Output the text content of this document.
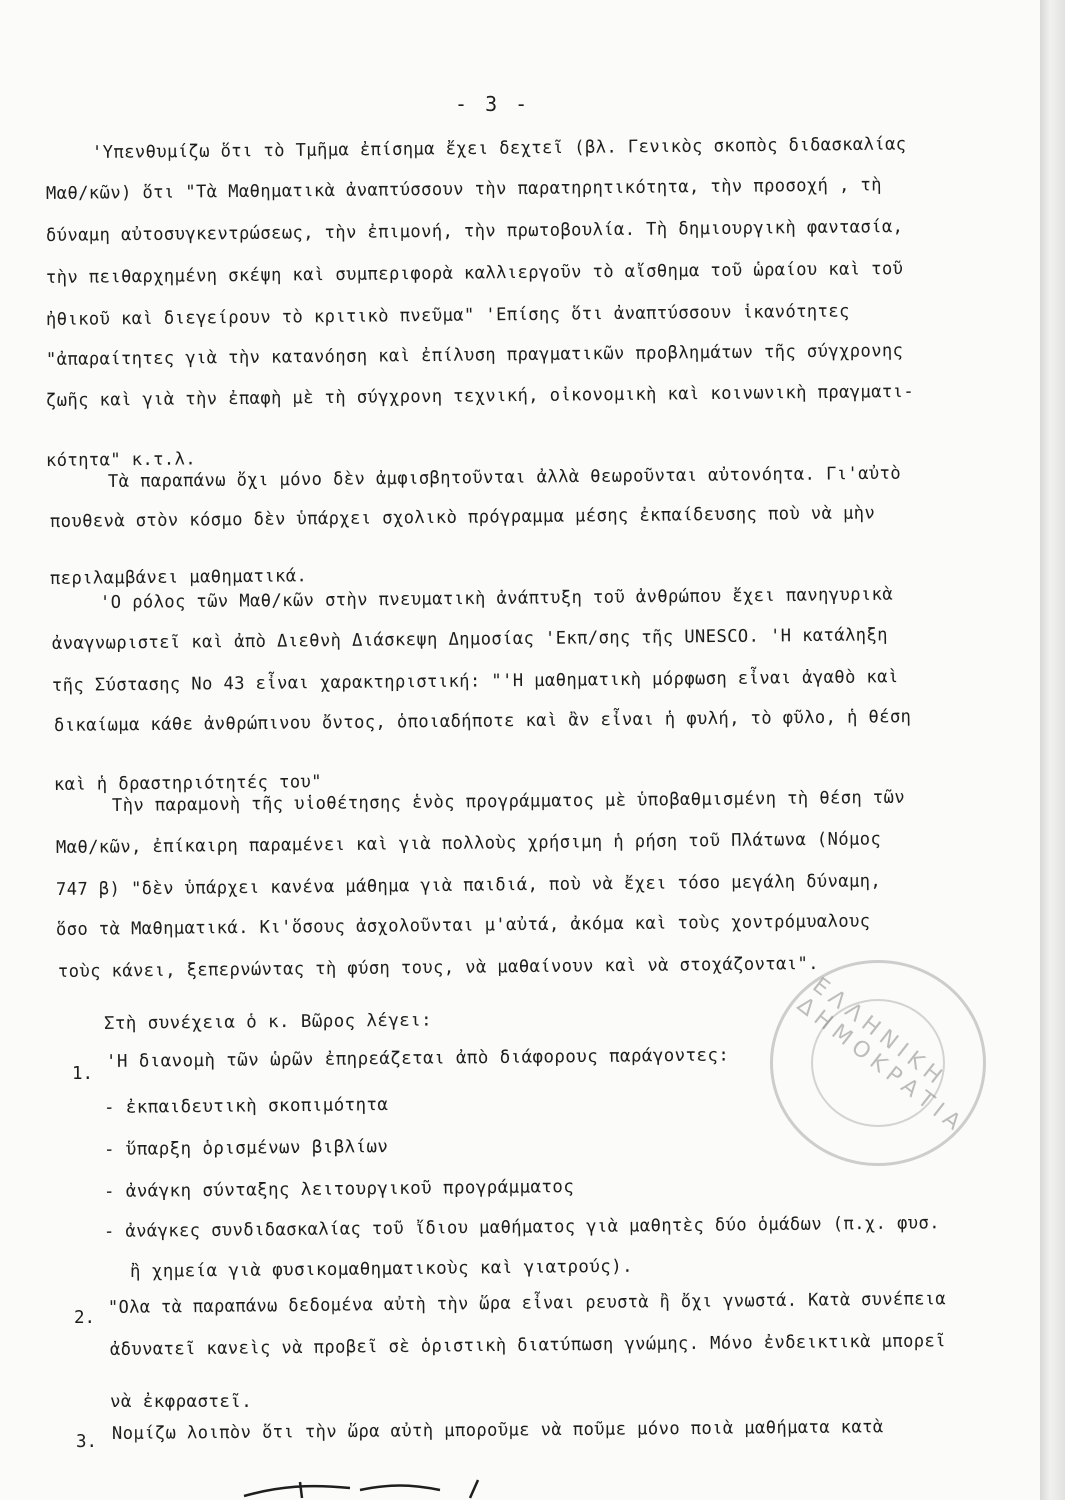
- 3 -
'Υπενθυμίζω ὅτι τὸ Τμῆμα ἐπίσημα ἔχει δεχτεῖ (βλ. Γενικὸς σκοπὸς διδασκαλίας
Μαθ/κῶν) ὅτι "Τὰ Μαθηματικὰ ἀναπτύσσουν τὴν παρατηρητικότητα, τὴν προσοχή , τὴ
δύναμη αὐτοσυγκεντρώσεως, τὴν ἐπιμονή, τὴν πρωτοβουλία. Τὴ δημιουργικὴ φαντασία,
τὴν πειθαρχημένη σκέψη καὶ συμπεριφορὰ καλλιεργοῦν τὸ αἴσθημα τοῦ ὡραίου καὶ τοῦ
ἠθικοῦ καὶ διεγείρουν τὸ κριτικὸ πνεῦμα" 'Επίσης ὅτι ἀναπτύσσουν ἱκανότητες
"ἀπαραίτητες γιὰ τὴν κατανόηση καὶ ἐπίλυση πραγματικῶν προβλημάτων τῆς σύγχρονης
ζωῆς καὶ γιὰ τὴν ἐπαφὴ μὲ τὴ σύγχρονη τεχνική, οἰκονομικὴ καὶ κοινωνικὴ πραγματι-
κότητα" κ.τ.λ.
Τὰ παραπάνω ὄχι μόνο δὲν ἀμφισβητοῦνται ἀλλὰ θεωροῦνται αὐτονόητα. Γι'αὐτὸ
πουθενὰ στὸν κόσμο δὲν ὑπάρχει σχολικὸ πρόγραμμα μέσης ἐκπαίδευσης ποὺ νὰ μὴν
περιλαμβάνει μαθηματικά.
'Ο ρόλος τῶν Μαθ/κῶν στὴν πνευματικὴ ἀνάπτυξη τοῦ ἀνθρώπου ἔχει πανηγυρικὰ
ἀναγνωριστεῖ καὶ ἀπὸ Διεθνὴ Διάσκεψη Δημοσίας 'Εκπ/σης τῆς UNESCO. 'Η κατάληξη
τῆς Σύστασης Νο 43 εἶναι χαρακτηριστική: "'Η μαθηματικὴ μόρφωση εἶναι ἀγαθὸ καὶ
δικαίωμα κάθε ἀνθρώπινου ὄντος, ὁποιαδήποτε καὶ ἂν εἶναι ἡ φυλή, τὸ φῦλο, ἡ θέση
καὶ ἡ δραστηριότητές του"
Τὴν παραμονὴ τῆς υἱοθέτησης ἑνὸς προγράμματος μὲ ὑποβαθμισμένη τὴ θέση τῶν
Μαθ/κῶν, ἐπίκαιρη παραμένει καὶ γιὰ πολλοὺς χρήσιμη ἡ ρήση τοῦ Πλάτωνα (Νόμος
747 β) "δὲν ὑπάρχει κανένα μάθημα γιὰ παιδιά, ποὺ νὰ ἔχει τόσο μεγάλη δύναμη,
ὅσο τὰ Μαθηματικά. Κι'ὅσους ἀσχολοῦνται μ'αὐτά, ἀκόμα καὶ τοὺς χοντρόμυαλους
τοὺς κάνει, ξεπερνώντας τὴ φύση τους, νὰ μαθαίνουν καὶ νὰ στοχάζονται".
Στὴ συνέχεια ὁ κ. Βῶρος λέγει:
1.
'Η διανομὴ τῶν ὡρῶν ἐπηρεάζεται ἀπὸ διάφορους παράγοντες:
- ἐκπαιδευτικὴ σκοπιμότητα
- ὕπαρξη ὁρισμένων βιβλίων
- ἀνάγκη σύνταξης λειτουργικοῦ προγράμματος
- ἀνάγκες συνδιδασκαλίας τοῦ ἴδιου μαθήματος γιὰ μαθητὲς δύο ὁμάδων (π.χ. φυσ.
ἢ χημεία γιὰ φυσικομαθηματικοὺς καὶ γιατρούς).
2.
"Ολα τὰ παραπάνω δεδομένα αὐτὴ τὴν ὥρα εἶναι ρευστὰ ἢ ὄχι γνωστά. Κατὰ συνέπεια
ἀδυνατεῖ κανεὶς νὰ προβεῖ σὲ ὁριστικὴ διατύπωση γνώμης. Μόνο ἐνδεικτικὰ μπορεῖ
νὰ ἐκφραστεῖ.
3. Νομίζω λοιπὸν ὅτι τὴν ὥρα αὐτὴ μποροῦμε νὰ ποῦμε μόνο ποιὰ μαθήματα κατὰ
ΕΛΛΗΝΙΚΗ ΔΗΜΟΚΡΑΤΙΑ
